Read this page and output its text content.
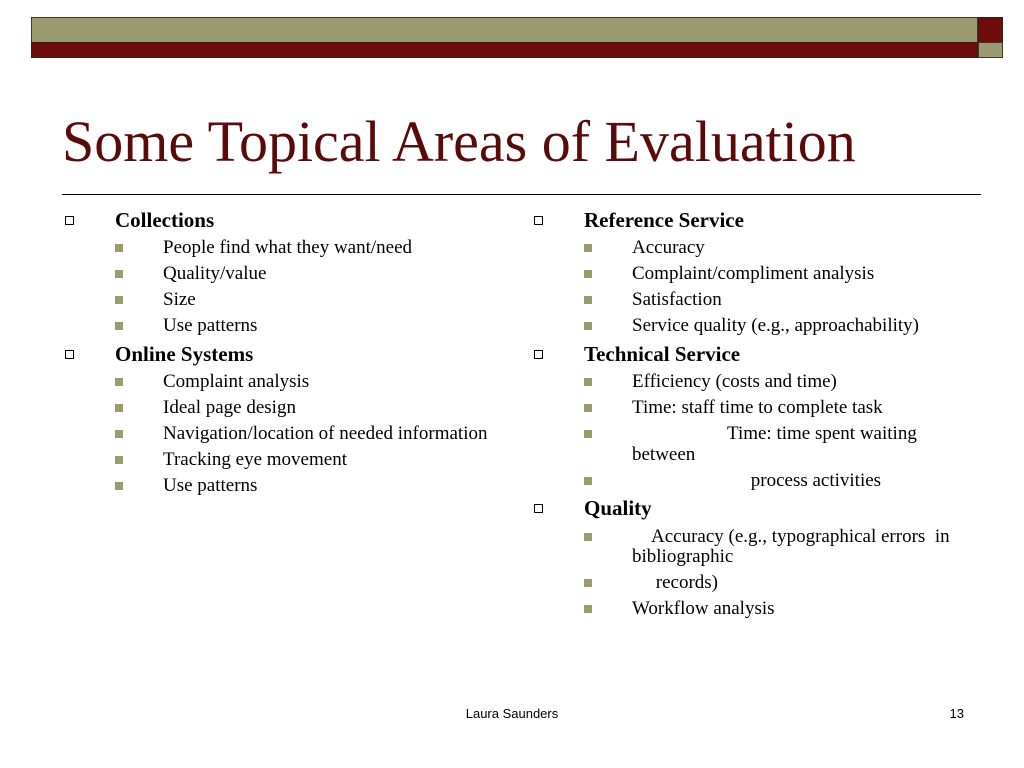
Some Topical Areas of Evaluation
Collections
People find what they want/need
Quality/value
Size
Use patterns
Online Systems
Complaint analysis
Ideal page design
Navigation/location of needed information
Tracking eye movement
Use patterns
Reference Service
Accuracy
Complaint/compliment analysis
Satisfaction
Service quality (e.g., approachability)
Technical Service
Efficiency (costs and time)
Time: staff time to complete task
Time: time spent waiting between
process activities
Quality
Accuracy (e.g., typographical errors  in bibliographic
records)
Workflow analysis
Laura Saunders	13
